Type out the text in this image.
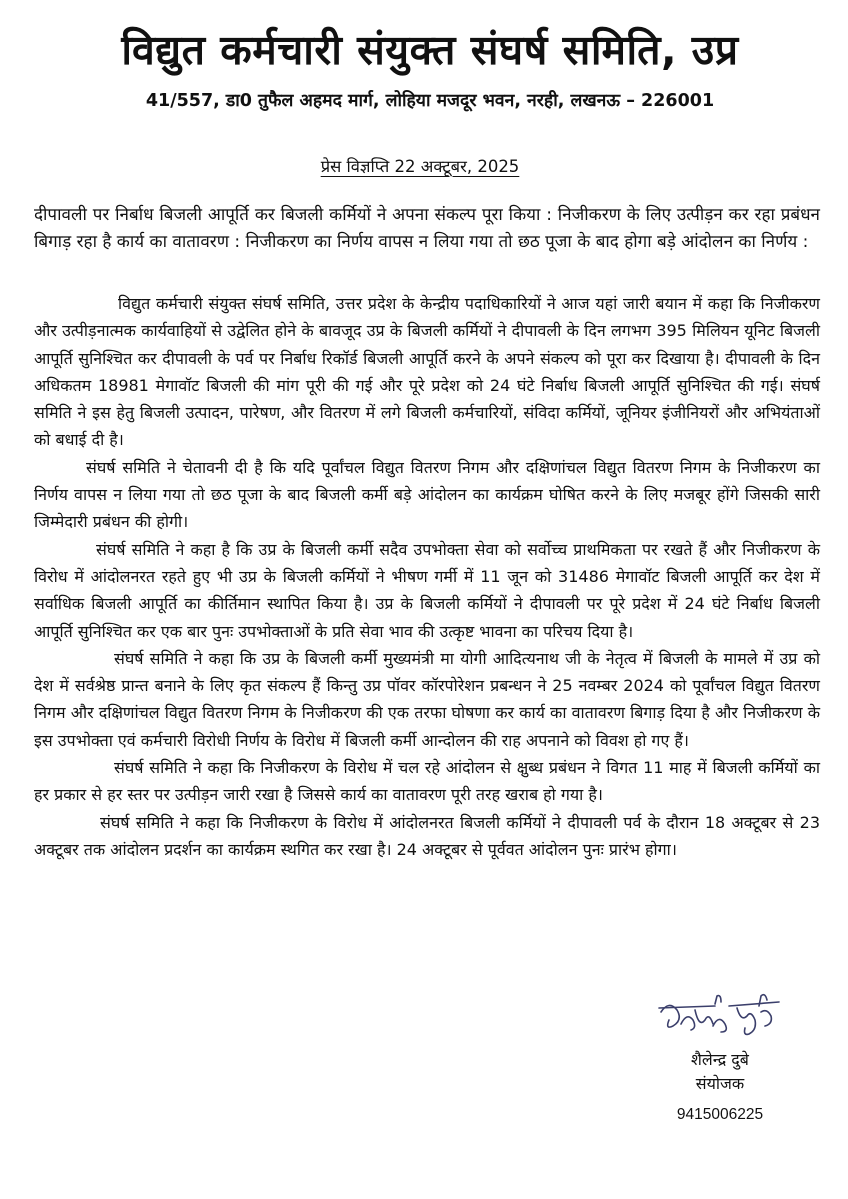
विद्युत कर्मचारी संयुक्त संघर्ष समिति, उप्र
41/557, डा0 तुफैल अहमद मार्ग, लोहिया मजदूर भवन, नरही, लखनऊ – 226001
प्रेस विज्ञप्ति 22 अक्टूबर, 2025
दीपावली पर निर्बाध बिजली आपूर्ति कर बिजली कर्मियों ने अपना संकल्प पूरा किया : निजीकरण के लिए उत्पीड़न कर रहा प्रबंधन बिगाड़ रहा है कार्य का वातावरण : निजीकरण का निर्णय वापस न लिया गया तो छठ पूजा के बाद होगा बड़े आंदोलन का निर्णय :

विद्युत कर्मचारी संयुक्त संघर्ष समिति, उत्तर प्रदेश के केन्द्रीय पदाधिकारियों ने आज यहां जारी बयान में कहा कि निजीकरण और उत्पीड़नात्मक कार्यवाहियों से उद्वेलित होने के बावजूद उप्र के बिजली कर्मियों ने दीपावली के दिन लगभग 395 मिलियन यूनिट बिजली आपूर्ति सुनिश्चित कर दीपावली के पर्व पर निर्बाध रिकॉर्ड बिजली आपूर्ति करने के अपने संकल्प को पूरा कर दिखाया है। दीपावली के दिन अधिकतम 18981 मेगावॉट बिजली की मांग पूरी की गई और पूरे प्रदेश को 24 घंटे निर्बाध बिजली आपूर्ति सुनिश्चित की गई। संघर्ष समिति ने इस हेतु बिजली उत्पादन, पारेषण, और वितरण में लगे बिजली कर्मचारियों, संविदा कर्मियों, जूनियर इंजीनियरों और अभियंताओं को बधाई दी है।

संघर्ष समिति ने चेतावनी दी है कि यदि पूर्वांचल विद्युत वितरण निगम और दक्षिणांचल विद्युत वितरण निगम के निजीकरण का निर्णय वापस न लिया गया तो छठ पूजा के बाद बिजली कर्मी बड़े आंदोलन का कार्यक्रम घोषित करने के लिए मजबूर होंगे जिसकी सारी जिम्मेदारी प्रबंधन की होगी।

संघर्ष समिति ने कहा है कि उप्र के बिजली कर्मी सदैव उपभोक्ता सेवा को सर्वोच्च प्राथमिकता पर रखते हैं और निजीकरण के विरोध में आंदोलनरत रहते हुए भी उप्र के बिजली कर्मियों ने भीषण गर्मी में 11 जून को 31486 मेगावॉट बिजली आपूर्ति कर देश में सर्वाधिक बिजली आपूर्ति का कीर्तिमान स्थापित किया है। उप्र के बिजली कर्मियों ने दीपावली पर पूरे प्रदेश में 24 घंटे निर्बाध बिजली आपूर्ति सुनिश्चित कर एक बार पुनः उपभोक्ताओं के प्रति सेवा भाव की उत्कृष्ट भावना का परिचय दिया है।

संघर्ष समिति ने कहा कि उप्र के बिजली कर्मी मुख्यमंत्री मा योगी आदित्यनाथ जी के नेतृत्व में बिजली के मामले में उप्र को देश में सर्वश्रेष्ठ प्रान्त बनाने के लिए कृत संकल्प हैं किन्तु उप्र पॉवर कॉरपोरेशन प्रबन्धन ने 25 नवम्बर 2024 को पूर्वांचल विद्युत वितरण निगम और दक्षिणांचल विद्युत वितरण निगम के निजीकरण की एक तरफा घोषणा कर कार्य का वातावरण बिगाड़ दिया है और निजीकरण के इस उपभोक्ता एवं कर्मचारी विरोधी निर्णय के विरोध में बिजली कर्मी आन्दोलन की राह अपनाने को विवश हो गए हैं।

संघर्ष समिति ने कहा कि निजीकरण के विरोध में चल रहे आंदोलन से क्षुब्ध प्रबंधन ने विगत 11 माह में बिजली कर्मियों का हर प्रकार से हर स्तर पर उत्पीड़न जारी रखा है जिससे कार्य का वातावरण पूरी तरह खराब हो गया है।

संघर्ष समिति ने कहा कि निजीकरण के विरोध में आंदोलनरत बिजली कर्मियों ने दीपावली पर्व के दौरान 18 अक्टूबर से 23 अक्टूबर तक आंदोलन प्रदर्शन का कार्यक्रम स्थगित कर रखा है। 24 अक्टूबर से पूर्ववत आंदोलन पुनः प्रारंभ होगा।

शैलेन्द्र दुबे
संयोजक
9415006225
